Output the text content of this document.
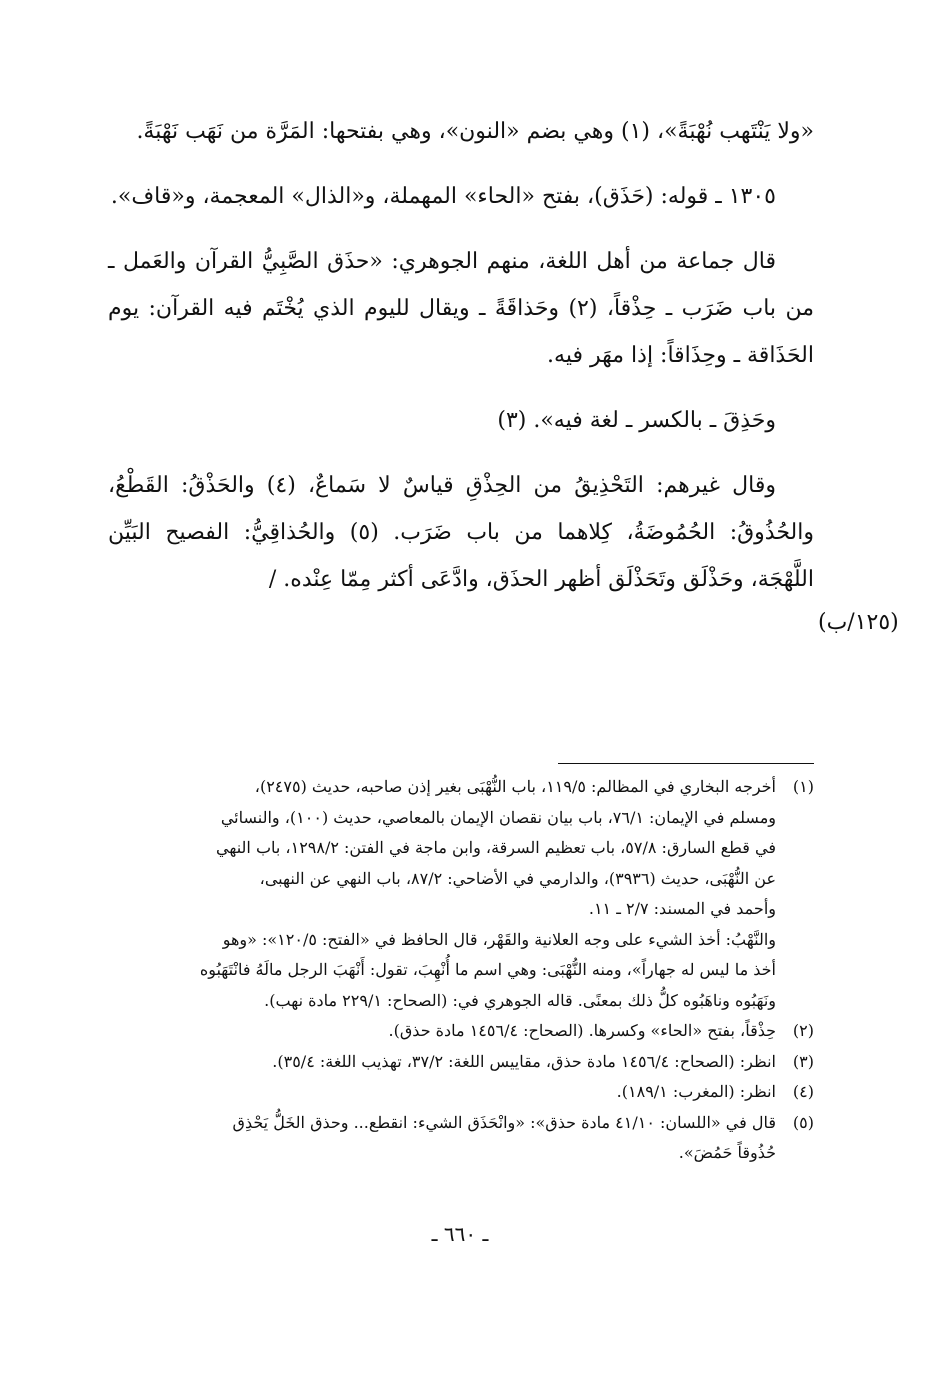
«ولا يَنْتَهب نُهْبَةً»، (١) وهي بضم «النون»، وهي بفتحها: المَرَّة من نَهَب نَهْبَةً.

١٣٠٥ ـ قوله: (حَذَق)، بفتح «الحاء» المهملة، و«الذال» المعجمة، و«قاف».

قال جماعة من أهل اللغة، منهم الجوهري: «حذَق الصَّبِيُّ القرآن والعَمل ـ من باب ضَرَب ـ حِذْقاً، (٢) وحَذاقَةً ـ ويقال لليوم الذي يُخْتَم فيه القرآن: يوم الحَذَاقة ـ وحِذَاقاً: إذا مهَر فيه.

وحَذِقَ ـ بالكسر ـ لغة فيه». (٣)

وقال غيرهم: التَحْذِيقُ من الحِذْقِ قياسٌ لا سَماعٌ، (٤) والحَذْقُ: القَطْعُ، والحُذُوقُ: الحُمُوضَةُ، كِلاهما من باب ضَرَب. (٥) والحُذاقِيُّ: الفصيح البَيِّن اللَّهْجَة، وحَذْلَق وتَحَذْلَق أظهر الحذَق، وادَّعَى أكثر مِمّا عِنْده. /

(١٢٥/ب)
(١)
أخرجه البخاري في المظالم: ١١٩/٥، باب النُّهْبَى بغير إذن صاحبه، حديث (٢٤٧٥)،
ومسلم في الإيمان: ٧٦/١، باب بيان نقصان الإيمان بالمعاصي، حديث (١٠٠)، والنسائي
في قطع السارق: ٥٧/٨، باب تعظيم السرقة، وابن ماجة في الفتن: ١٢٩٨/٢، باب النهي
عن النُّهْبَى، حديث (٣٩٣٦)، والدارمي في الأضاحي: ٨٧/٢، باب النهي عن النهبى،
وأحمد في المسند: ٢/٧ ـ ١١.
والنَّهْبُ: أخذ الشيء على وجه العلانية والقَهْر، قال الحافظ في «الفتح: ١٢٠/٥»: «وهو
أخذ ما ليس له جهاراً»، ومنه النُّهْبَى: وهي اسم ما أُنْهِبَ، تقول: أَنْهَبَ الرجل مالَهُ فانْتَهَبُوه
ونَهَبُوه وناهَبُوه كلُّ ذلك بمعنًى. قاله الجوهري في: (الصحاح: ٢٢٩/١ مادة نهب).
(٢)
حِذْقاً، بفتح «الحاء» وكسرها. (الصحاح: ١٤٥٦/٤ مادة حذق).
(٣)
انظر: (الصحاح: ١٤٥٦/٤ مادة حذق، مقاييس اللغة: ٣٧/٢، تهذيب اللغة: ٣٥/٤).
(٤)
انظر: (المغرب: ١٨٩/١).
(٥)
قال في «اللسان: ٤١/١٠ مادة حذق»: «وانْحَذَق الشيء: انقطع... وحذق الخَلُّ يَحْذِق
حُذُوقاً حَمُضَ».
ـ ٦٦٠ ـ
